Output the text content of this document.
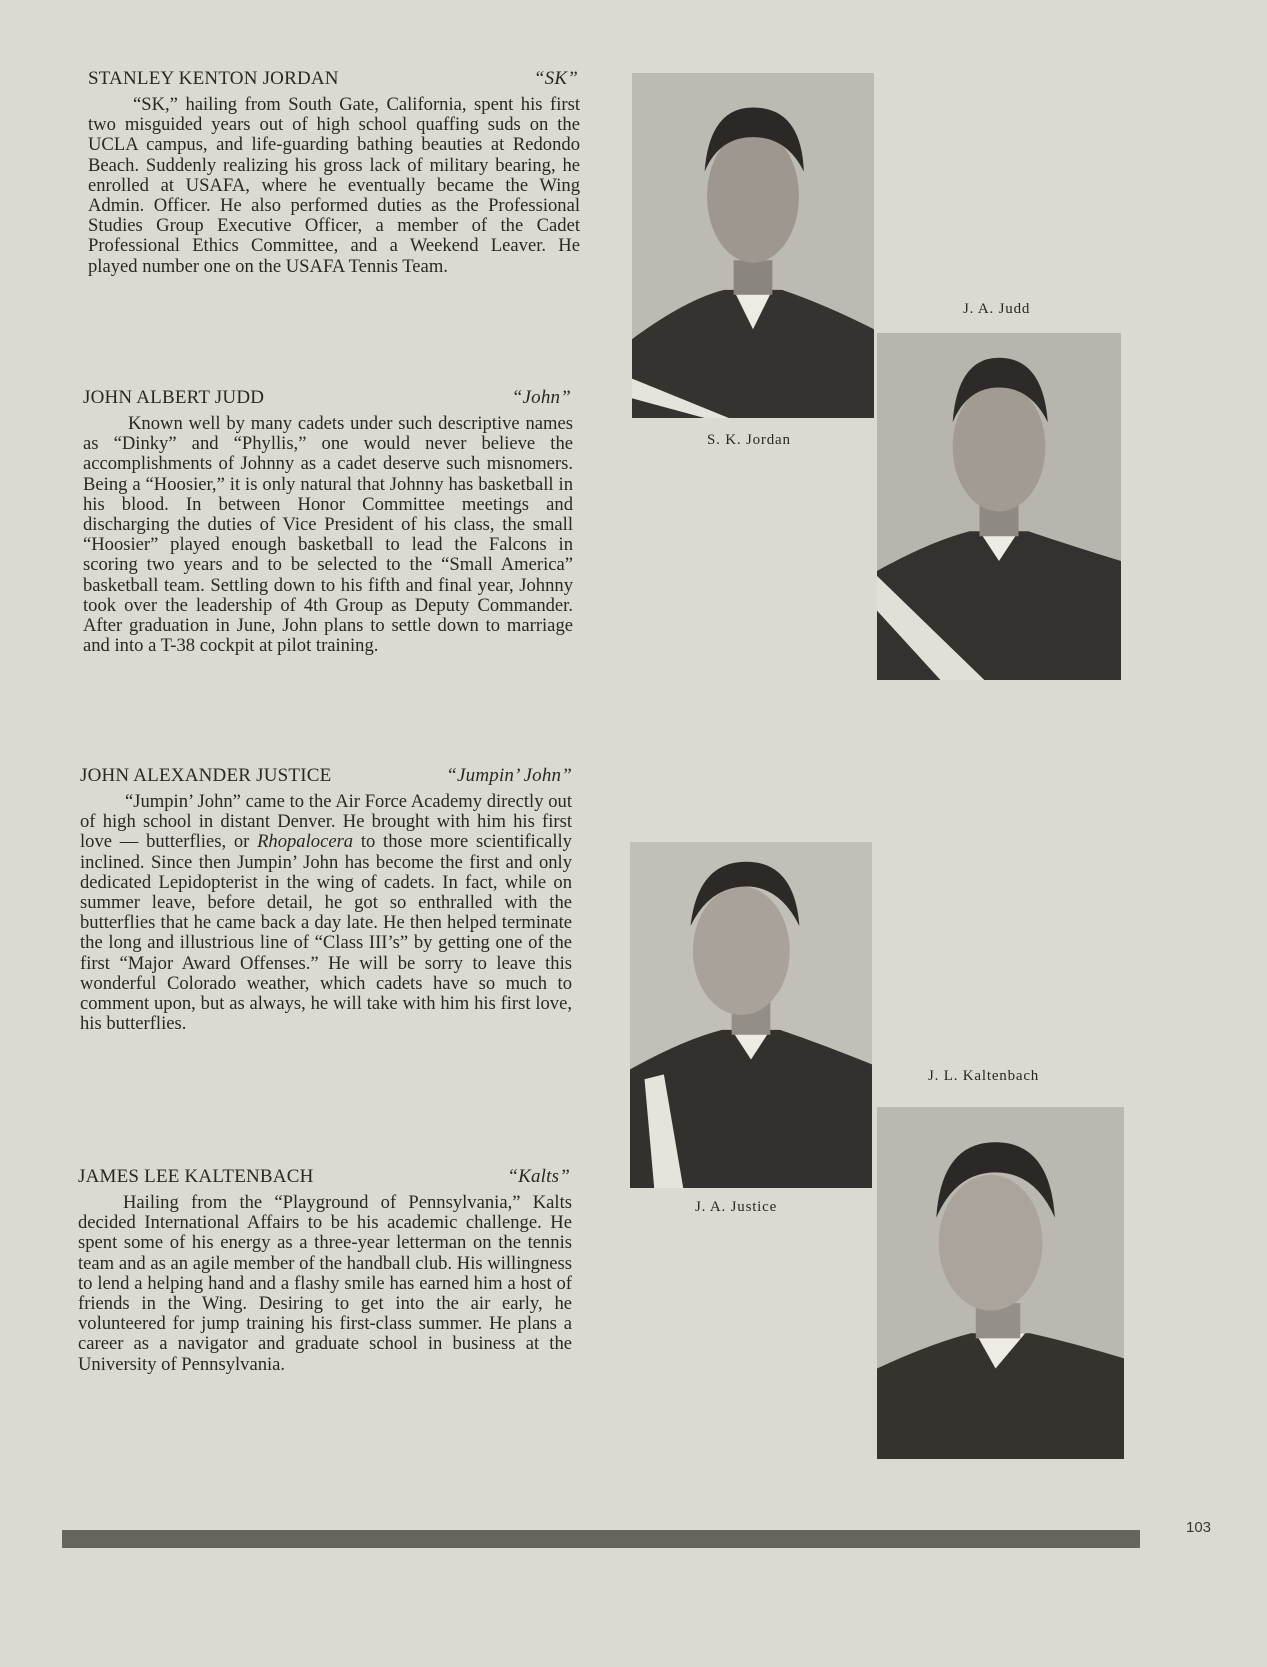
STANLEY KENTON JORDAN	“SK”

“SK,” hailing from South Gate, California, spent his first two misguided years out of high school quaffing suds on the UCLA campus, and life-guarding bathing beauties at Redondo Beach. Suddenly realizing his gross lack of military bearing, he enrolled at USAFA, where he eventually became the Wing Admin. Officer. He also performed duties as the Professional Studies Group Executive Officer, a member of the Cadet Professional Ethics Committee, and a Weekend Leaver. He played number one on the USAFA Tennis Team.

JOHN ALBERT JUDD	“John”

Known well by many cadets under such descriptive names as “Dinky” and “Phyllis,” one would never believe the accomplishments of Johnny as a cadet deserve such misnomers. Being a “Hoosier,” it is only natural that Johnny has basketball in his blood. In between Honor Committee meetings and discharging the duties of Vice President of his class, the small “Hoosier” played enough basketball to lead the Falcons in scoring two years and to be selected to the “Small America” basketball team. Settling down to his fifth and final year, Johnny took over the leadership of 4th Group as Deputy Commander. After graduation in June, John plans to settle down to marriage and into a T-38 cockpit at pilot training.

JOHN ALEXANDER JUSTICE	“Jumpin’ John”

“Jumpin’ John” came to the Air Force Academy directly out of high school in distant Denver. He brought with him his first love — butterflies, or Rhopalocera to those more scientifically inclined. Since then Jumpin’ John has become the first and only dedicated Lepidopterist in the wing of cadets. In fact, while on summer leave, before detail, he got so enthralled with the butterflies that he came back a day late. He then helped terminate the long and illustrious line of “Class III’s” by getting one of the first “Major Award Offenses.” He will be sorry to leave this wonderful Colorado weather, which cadets have so much to comment upon, but as always, he will take with him his first love, his butterflies.

JAMES LEE KALTENBACH	“Kalts”

Hailing from the “Playground of Pennsylvania,” Kalts decided International Affairs to be his academic challenge. He spent some of his energy as a three-year letterman on the tennis team and as an agile member of the handball club. His willingness to lend a helping hand and a flashy smile has earned him a host of friends in the Wing. Desiring to get into the air early, he volunteered for jump training his first-class summer. He plans a career as a navigator and graduate school in business at the University of Pennsylvania.

J. A. Judd
S. K. Jordan
J. L. Kaltenbach
J. A. Justice
103
